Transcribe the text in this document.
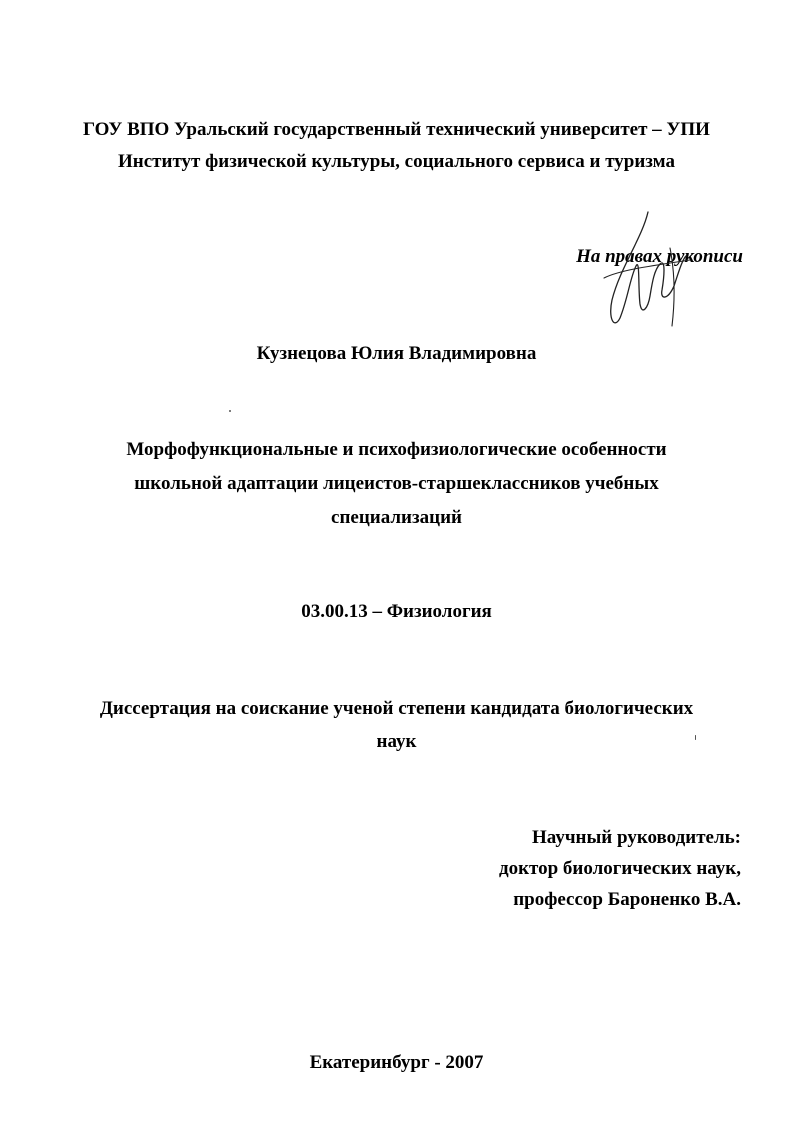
ГОУ ВПО Уральский государственный технический университет – УПИ
Институт физической культуры, социального сервиса и туризма
На правах рукописи
Кузнецова Юлия Владимировна
Морфофункциональные и психофизиологические особенности
школьной адаптации лицеистов-старшеклассников учебных
специализаций
03.00.13 – Физиология
Диссертация на соискание ученой степени кандидата биологических
наук
Научный руководитель:
доктор биологических наук,
профессор Бароненко В.А.
Екатеринбург - 2007
